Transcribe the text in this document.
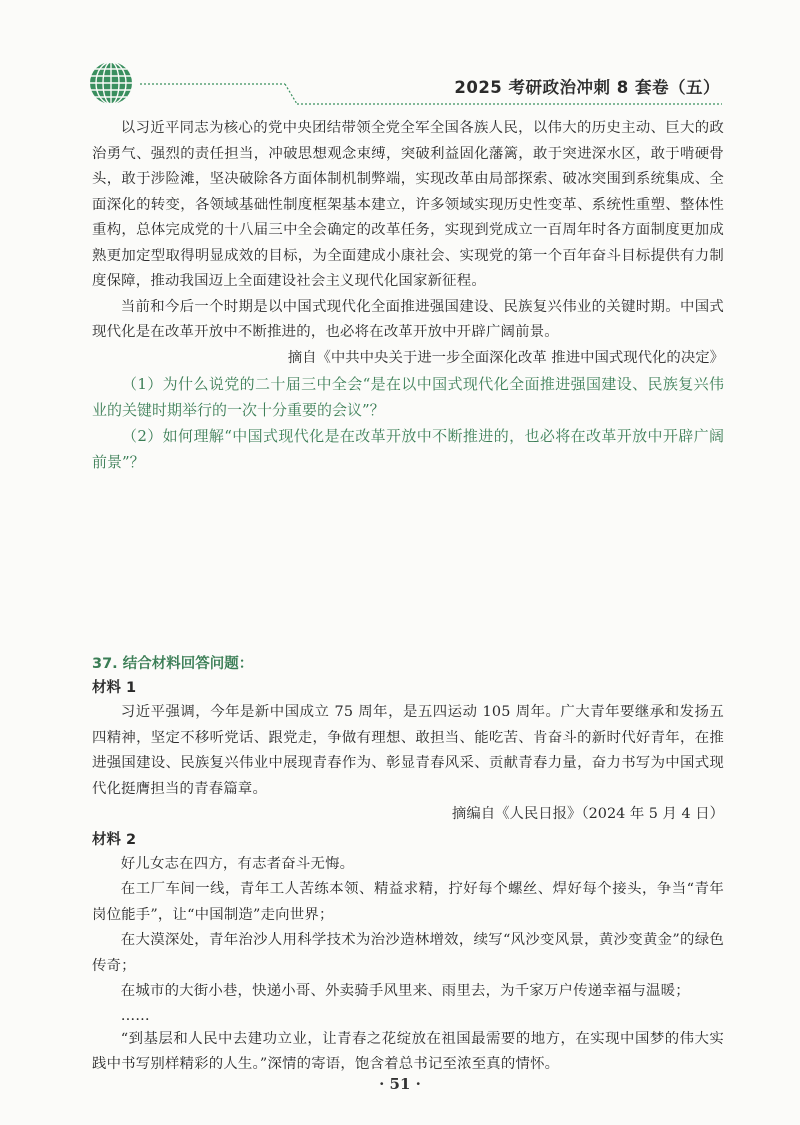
2025 考研政治冲刺 8 套卷（五）

以习近平同志为核心的党中央团结带领全党全军全国各族人民，以伟大的历史主动、巨大的政治勇气、强烈的责任担当，冲破思想观念束缚，突破利益固化藩篱，敢于突进深水区，敢于啃硬骨头，敢于涉险滩，坚决破除各方面体制机制弊端，实现改革由局部探索、破冰突围到系统集成、全面深化的转变，各领域基础性制度框架基本建立，许多领域实现历史性变革、系统性重塑、整体性重构，总体完成党的十八届三中全会确定的改革任务，实现到党成立一百周年时各方面制度更加成熟更加定型取得明显成效的目标，为全面建成小康社会、实现党的第一个百年奋斗目标提供有力制度保障，推动我国迈上全面建设社会主义现代化国家新征程。

当前和今后一个时期是以中国式现代化全面推进强国建设、民族复兴伟业的关键时期。中国式现代化是在改革开放中不断推进的，也必将在改革开放中开辟广阔前景。

摘自《中共中央关于进一步全面深化改革 推进中国式现代化的决定》

（1）为什么说党的二十届三中全会“是在以中国式现代化全面推进强国建设、民族复兴伟业的关键时期举行的一次十分重要的会议”？

（2）如何理解“中国式现代化是在改革开放中不断推进的，也必将在改革开放中开辟广阔前景”？

37. 结合材料回答问题：

材料 1

习近平强调，今年是新中国成立 75 周年，是五四运动 105 周年。广大青年要继承和发扬五四精神，坚定不移听党话、跟党走，争做有理想、敢担当、能吃苦、肯奋斗的新时代好青年，在推进强国建设、民族复兴伟业中展现青春作为、彰显青春风采、贡献青春力量，奋力书写为中国式现代化挺膺担当的青春篇章。

摘编自《人民日报》（2024 年 5 月 4 日）

材料 2

好儿女志在四方，有志者奋斗无悔。

在工厂车间一线，青年工人苦练本领、精益求精，拧好每个螺丝、焊好每个接头，争当“青年岗位能手”，让“中国制造”走向世界；

在大漠深处，青年治沙人用科学技术为治沙造林增效，续写“风沙变风景，黄沙变黄金”的绿色传奇；

在城市的大街小巷，快递小哥、外卖骑手风里来、雨里去，为千家万户传递幸福与温暖；

……

“到基层和人民中去建功立业，让青春之花绽放在祖国最需要的地方，在实现中国梦的伟大实践中书写别样精彩的人生。”深情的寄语，饱含着总书记至浓至真的情怀。

· 51 ·
